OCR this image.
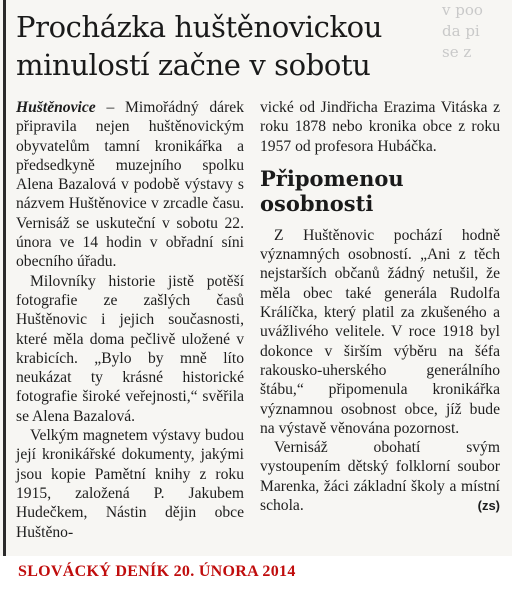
v poo
da pi
se z
Procházka huštěnovickou minulostí začne v sobotu

Huštěnovice – Mimořádný dárek připravila nejen huštěnovickým obyvatelům tamní kronikářka a předsedkyně muzejního spolku Alena Bazalová v podobě výstavy s názvem Huštěnovice v zrcadle času. Vernisáž se uskuteční v sobotu 22. února ve 14 hodin v obřadní síni obecního úřadu.

Milovníky historie jistě potěší fotografie ze zašlých časů Huštěnovic i jejich současnosti, které měla doma pečlivě uložené v krabicích. „Bylo by mně líto neukázat ty krásné historické fotografie široké veřejnosti,“ svěřila se Alena Bazalová.

Velkým magnetem výstavy budou její kronikářské dokumenty, jakými jsou kopie Pamětní knihy z roku 1915, založená P. Jakubem Hudečkem, Nástin dějin obce Huštěno-

vické od Jindřicha Erazima Vitáska z roku 1878 nebo kronika obce z roku 1957 od profesora Hubáčka.

Připomenou osobnosti

Z Huštěnovic pochází hodně významných osobností. „Ani z těch nejstarších občanů žádný netušil, že měla obec také generála Rudolfa Králíčka, který platil za zkušeného a uvážlivého velitele. V roce 1918 byl dokonce v širším výběru na šéfa rakousko-uherského generálního štábu,“ připomenula kronikářka významnou osobnost obce, jíž bude na výstavě věnována pozornost.

Vernisáž obohatí svým vystoupením dětský folklorní soubor Marenka, žáci základní školy a místní schola.	(zs)

SLOVÁCKÝ DENÍK 20. ÚNORA 2014
